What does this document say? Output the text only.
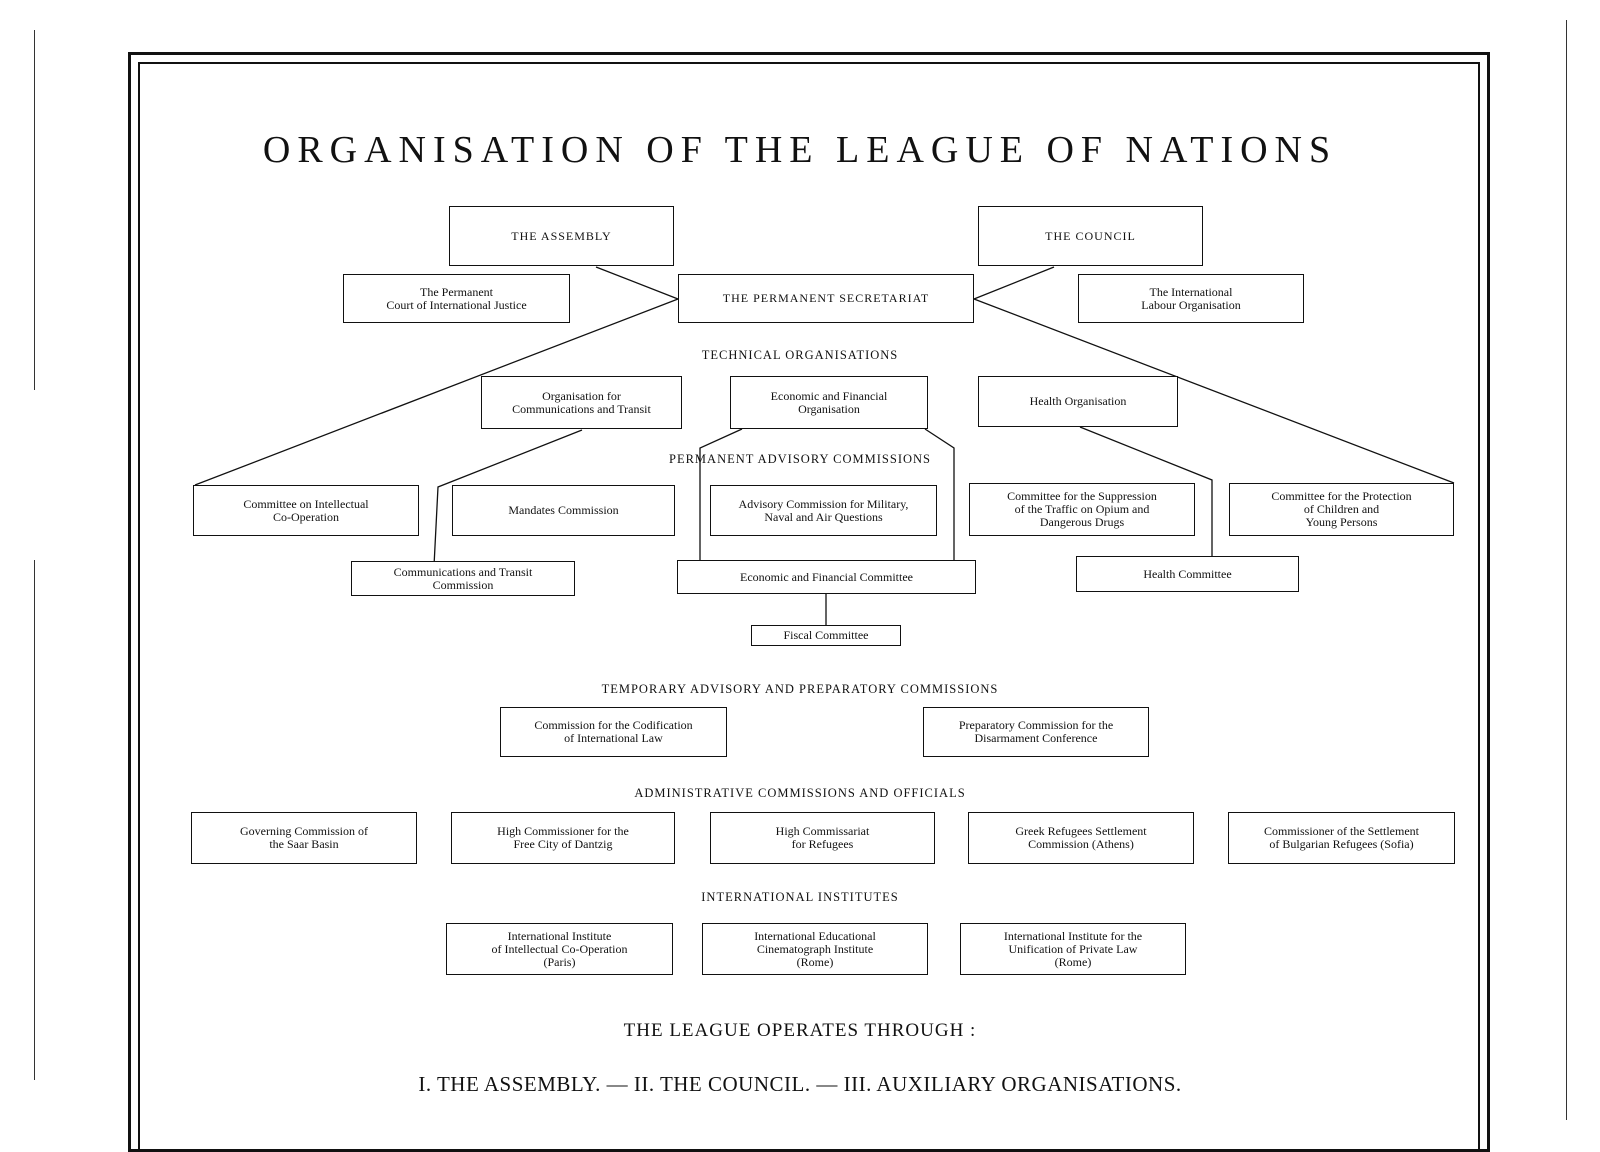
ORGANISATION OF THE LEAGUE OF NATIONS
THE ASSEMBLY	THE COUNCIL
The Permanent
Court of International Justice	THE PERMANENT SECRETARIAT	The International
Labour Organisation
TECHNICAL ORGANISATIONS
Organisation for
Communications and Transit
Economic and Financial
Organisation
Health Organisation
PERMANENT ADVISORY COMMISSIONS
Committee on Intellectual
Co-Operation	Mandates Commission	Advisory Commission for Military,
Naval and Air Questions
Committee for the Suppression
of the Traffic on Opium and
Dangerous Drugs
Committee for the Protection
of Children and
Young Persons
Communications and Transit
Commission
Economic and Financial Committee	Health Committee
Fiscal Committee
TEMPORARY ADVISORY AND PREPARATORY COMMISSIONS
Commission for the Codification
of International Law
Preparatory Commission for the
Disarmament Conference
ADMINISTRATIVE COMMISSIONS AND OFFICIALS
Governing Commission of
the Saar Basin
High Commissioner for the
Free City of Dantzig
High Commissariat
for Refugees
Greek Refugees Settlement
Commission (Athens)
Commissioner of the Settlement
of Bulgarian Refugees (Sofia)
INTERNATIONAL INSTITUTES
International Institute
of Intellectual Co-Operation
(Paris)
International Educational
Cinematograph Institute
(Rome)
International Institute for the
Unification of Private Law
(Rome)
THE LEAGUE OPERATES THROUGH :
I. THE ASSEMBLY. — II. THE COUNCIL. — III. AUXILIARY ORGANISATIONS.
